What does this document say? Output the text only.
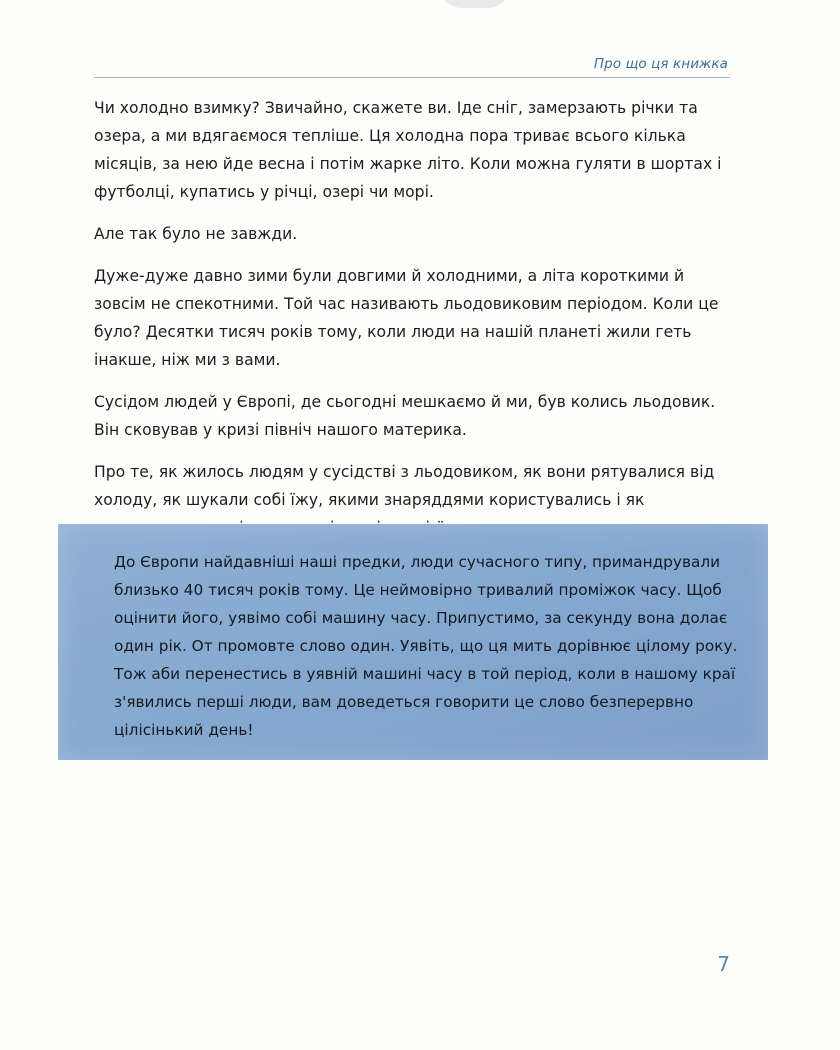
Про що ця книжка

Чи холодно взимку? Звичайно, скажете ви. Іде сніг, замерзають річки та озера, а ми вдягаємося тепліше. Ця холодна пора триває всього кілька місяців, за нею йде весна і потім жарке літо. Коли можна гуляти в шортах і футболці, купатись у річці, озері чи морі.

Але так було не завжди.

Дуже-дуже давно зими були довгими й холодними, а літа короткими й зовсім не спекотними. Той час називають льодовиковим періодом. Коли це було? Десятки тисяч років тому, коли люди на нашій планеті жили геть інакше, ніж ми з вами.

Сусідом людей у Європі, де сьогодні мешкаємо й ми, був колись льодовик. Він сковував у кризі північ нашого материка.

Про те, як жилось людям у сусідстві з льодовиком, як вони рятувалися від холоду, як шукали собі їжу, якими знаряддями користувались і як

До Європи найдавніші наші предки, люди сучасного типу, примандрували близько 40 тисяч років тому. Це неймовірно тривалий проміжок часу. Щоб оцінити його, уявімо собі машину часу. Припустимо, за секунду вона долає один рік. От промовте слово один. Уявіть, що ця мить дорівнює цілому року. Тож аби перенестись в уявній машині часу в той період, коли в нашому краї з'явились перші люди, вам доведеться говорити це слово безперервно цілісінький день!
7
